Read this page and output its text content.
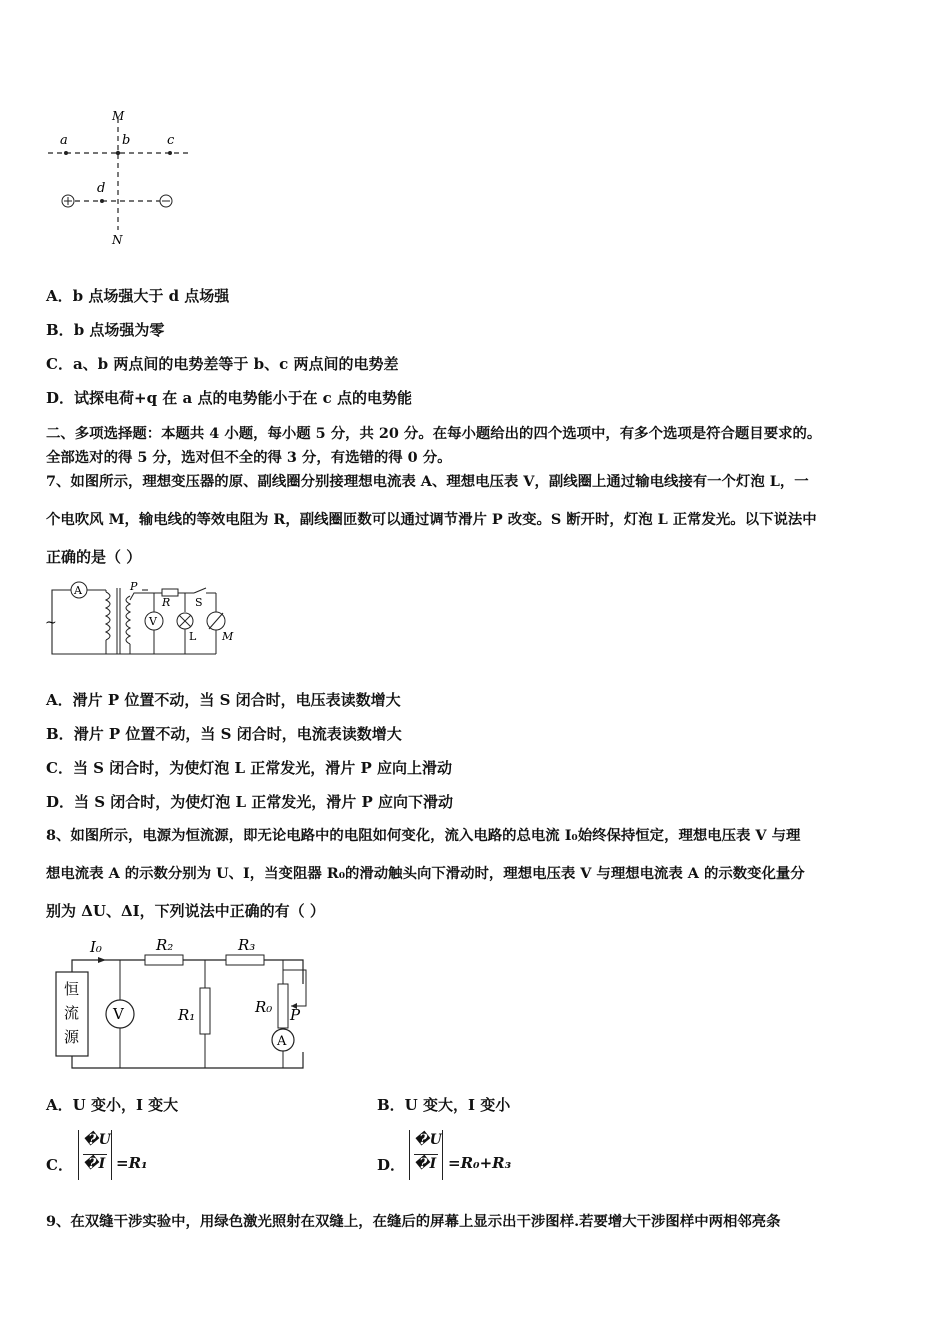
M
N
a	b	c
d
A．b 点场强大于 d 点场强
B．b 点场强为零
C．a、b 两点间的电势差等于 b、c 两点间的电势差
D．试探电荷+q 在 a 点的电势能小于在 c 点的电势能
二、多项选择题：本题共 4 小题，每小题 5 分，共 20 分。在每小题给出的四个选项中，有多个选项是符合题目要求的。
全部选对的得 5 分，选对但不全的得 3 分，有选错的得 0 分。
7、如图所示，理想变压器的原、副线圈分别接理想电流表 A、理想电压表 V，副线圈上通过输电线接有一个灯泡 L，一
个电吹风 M，输电线的等效电阻为 R，副线圈匝数可以通过调节滑片 P 改变。S 断开时，灯泡 L 正常发光。以下说法中
正确的是（ ）
A
~
P
R S
V
L M
A．滑片 P 位置不动，当 S 闭合时，电压表读数增大
B．滑片 P 位置不动，当 S 闭合时，电流表读数增大
C．当 S 闭合时，为使灯泡 L 正常发光，滑片 P 应向上滑动
D．当 S 闭合时，为使灯泡 L 正常发光，滑片 P 应向下滑动
8、如图所示，电源为恒流源，即无论电路中的电阻如何变化，流入电路的总电流 I₀始终保持恒定，理想电压表 V 与理
想电流表 A 的示数分别为 U、I，当变阻器 R₀的滑动触头向下滑动时，理想电压表 V 与理想电流表 A 的示数变化量分
别为 ΔU、ΔI，下列说法中正确的有（ ）
恒
流
源
I₀	R₂	R₃
V	R₁	R₀ P
A
A．U 变小，I 变大	B．U 变大，I 变小
C．
�U
�I =R₁	D．
�U
�I =R₀+R₃
9、在双缝干涉实验中，用绿色激光照射在双缝上，在缝后的屏幕上显示出干涉图样.若要增大干涉图样中两相邻亮条
